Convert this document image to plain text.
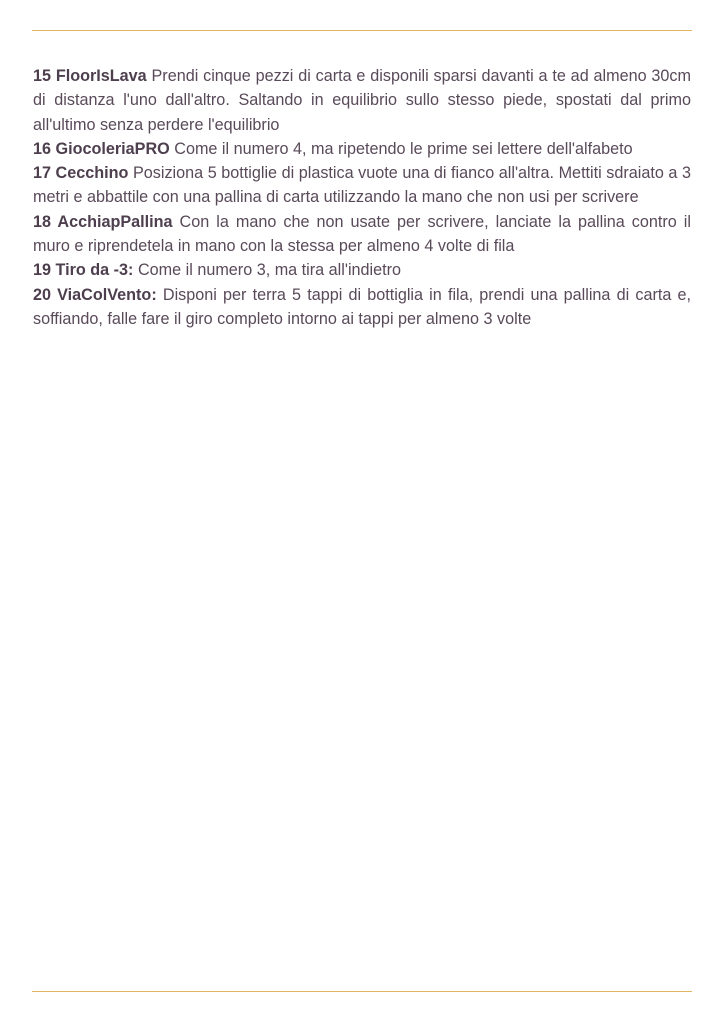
15 FloorIsLava Prendi cinque pezzi di carta e disponili sparsi davanti a te ad almeno 30cm di distanza l'uno dall'altro. Saltando in equilibrio sullo stesso piede, spostati dal primo all'ultimo senza perdere l'equilibrio

16 GiocoleriaPRO Come il numero 4, ma ripetendo le prime sei lettere dell'alfabeto

17 Cecchino Posiziona 5 bottiglie di plastica vuote una di fianco all'altra. Mettiti sdraiato a 3 metri e abbattile con una pallina di carta utilizzando la mano che non usi per scrivere

18 AcchiapPallina Con la mano che non usate per scrivere, lanciate la pallina contro il muro e riprendetela in mano con la stessa per almeno 4 volte di fila

19 Tiro da -3: Come il numero 3, ma tira all'indietro

20 ViaColVento: Disponi per terra 5 tappi di bottiglia in fila, prendi una pallina di carta e, soffiando, falle fare il giro completo intorno ai tappi per almeno 3 volte
